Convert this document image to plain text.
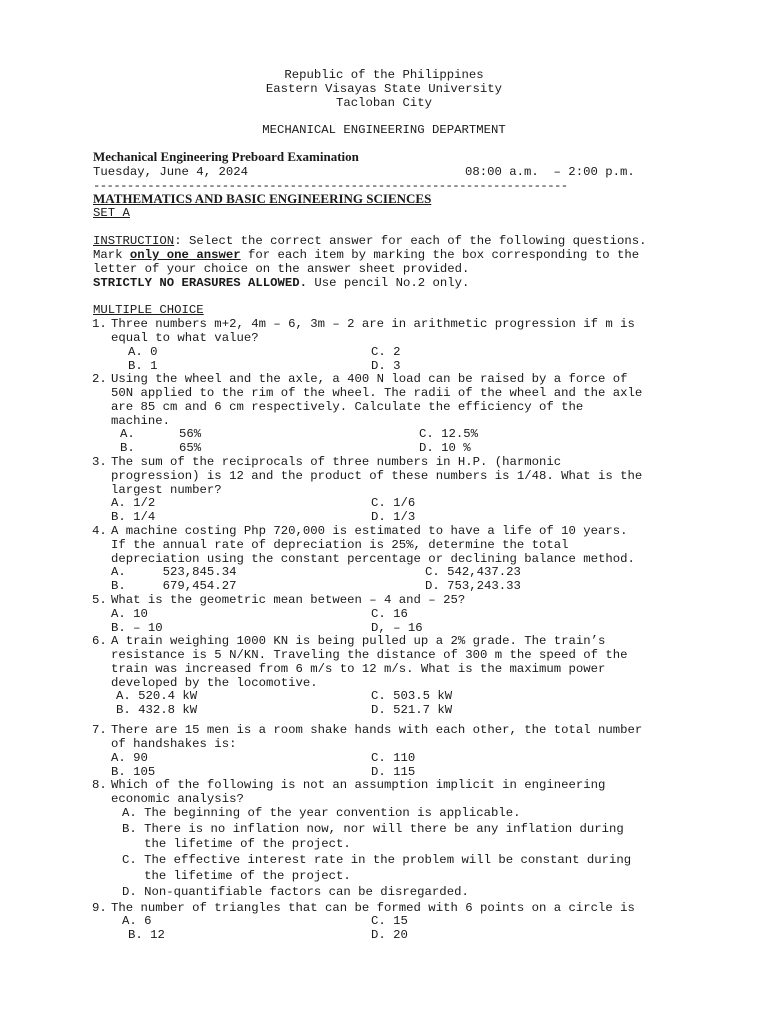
Republic of the Philippines
Eastern Visayas State University
Tacloban City
MECHANICAL ENGINEERING DEPARTMENT
Mechanical Engineering Preboard Examination
Tuesday, June 4, 2024	08:00 a.m.  – 2:00 p.m.
----------------------------------------------------------------------
MATHEMATICS AND BASIC ENGINEERING SCIENCES
SET A
INSTRUCTION: Select the correct answer for each of the following questions.
Mark only one answer for each item by marking the box corresponding to the
letter of your choice on the answer sheet provided.
STRICTLY NO ERASURES ALLOWED. Use pencil No.2 only.
MULTIPLE CHOICE
1. Three numbers m+2, 4m – 6, 3m – 2 are in arithmetic progression if m is
equal to what value?
A. 0	C. 2
B. 1	D. 3
2. Using the wheel and the axle, a 400 N load can be raised by a force of
50N applied to the rim of the wheel. The radii of the wheel and the axle
are 85 cm and 6 cm respectively. Calculate the efficiency of the
machine.
A.      56%	C. 12.5%
B.      65%	D. 10 %
3. The sum of the reciprocals of three numbers in H.P. (harmonic
progression) is 12 and the product of these numbers is 1/48. What is the
largest number?
A. 1/2	C. 1/6
B. 1/4	D. 1/3
4. A machine costing Php 720,000 is estimated to have a life of 10 years.
If the annual rate of depreciation is 25%, determine the total
depreciation using the constant percentage or declining balance method.
A.     523,845.34	C. 542,437.23
B.     679,454.27	D. 753,243.33
5. What is the geometric mean between – 4 and – 25?
A. 10	C. 16
B. – 10	D, – 16
6. A train weighing 1000 KN is being pulled up a 2% grade. The train’s
resistance is 5 N/KN. Traveling the distance of 300 m the speed of the
train was increased from 6 m/s to 12 m/s. What is the maximum power
developed by the locomotive.
A. 520.4 kW	C. 503.5 kW
B. 432.8 kW	D. 521.7 kW
7. There are 15 men is a room shake hands with each other, the total number
of handshakes is:
A. 90	C. 110
B. 105	D. 115
8. Which of the following is not an assumption implicit in engineering
economic analysis?
A. The beginning of the year convention is applicable.
B. There is no inflation now, nor will there be any inflation during
the lifetime of the project.
C. The effective interest rate in the problem will be constant during
the lifetime of the project.
D. Non-quantifiable factors can be disregarded.
9. The number of triangles that can be formed with 6 points on a circle is
A. 6	C. 15
B. 12	D. 20
